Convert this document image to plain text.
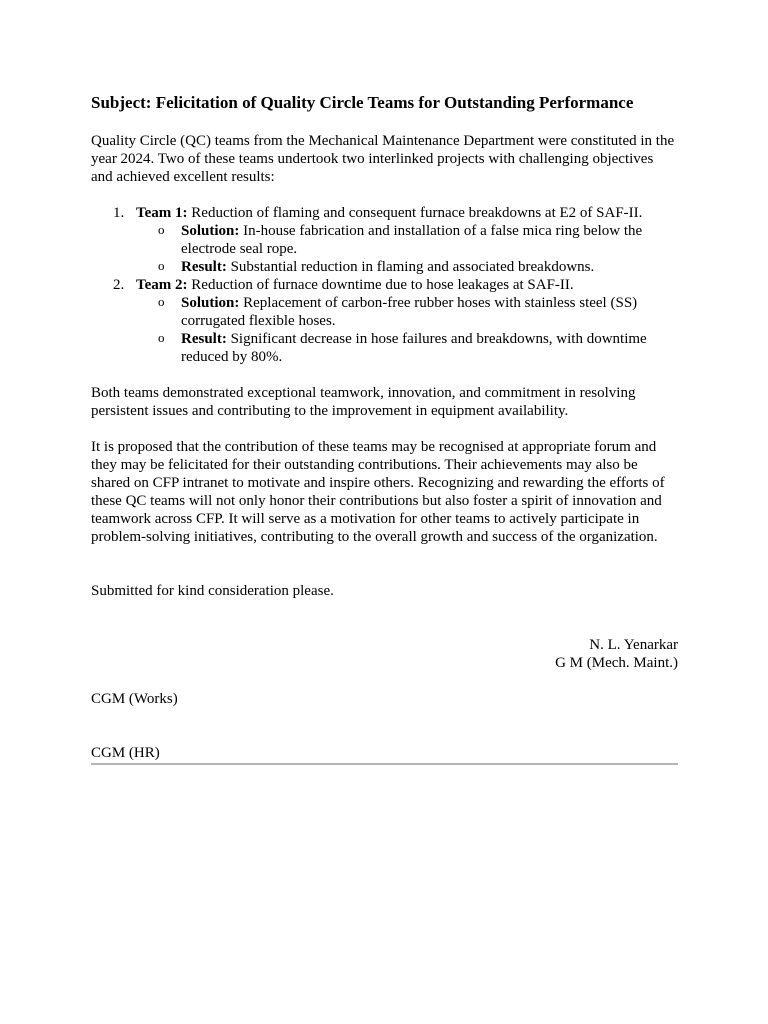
Subject: Felicitation of Quality Circle Teams for Outstanding Performance

Quality Circle (QC) teams from the Mechanical Maintenance Department were constituted in the year 2024. Two of these teams undertook two interlinked projects with challenging objectives and achieved excellent results:

1. Team 1: Reduction of flaming and consequent furnace breakdowns at E2 of SAF-II.
o Solution: In-house fabrication and installation of a false mica ring below the electrode seal rope.
o Result: Substantial reduction in flaming and associated breakdowns.
2. Team 2: Reduction of furnace downtime due to hose leakages at SAF-II.
o Solution: Replacement of carbon-free rubber hoses with stainless steel (SS) corrugated flexible hoses.
o Result: Significant decrease in hose failures and breakdowns, with downtime reduced by 80%.

Both teams demonstrated exceptional teamwork, innovation, and commitment in resolving persistent issues and contributing to the improvement in equipment availability.

It is proposed that the contribution of these teams may be recognised at appropriate forum and they may be felicitated for their outstanding contributions. Their achievements may also be shared on CFP intranet to motivate and inspire others. Recognizing and rewarding the efforts of these QC teams will not only honor their contributions but also foster a spirit of innovation and teamwork across CFP. It will serve as a motivation for other teams to actively participate in problem-solving initiatives, contributing to the overall growth and success of the organization.

Submitted for kind consideration please.

N. L. Yenarkar
G M (Mech. Maint.)
CGM (Works)
CGM (HR)
